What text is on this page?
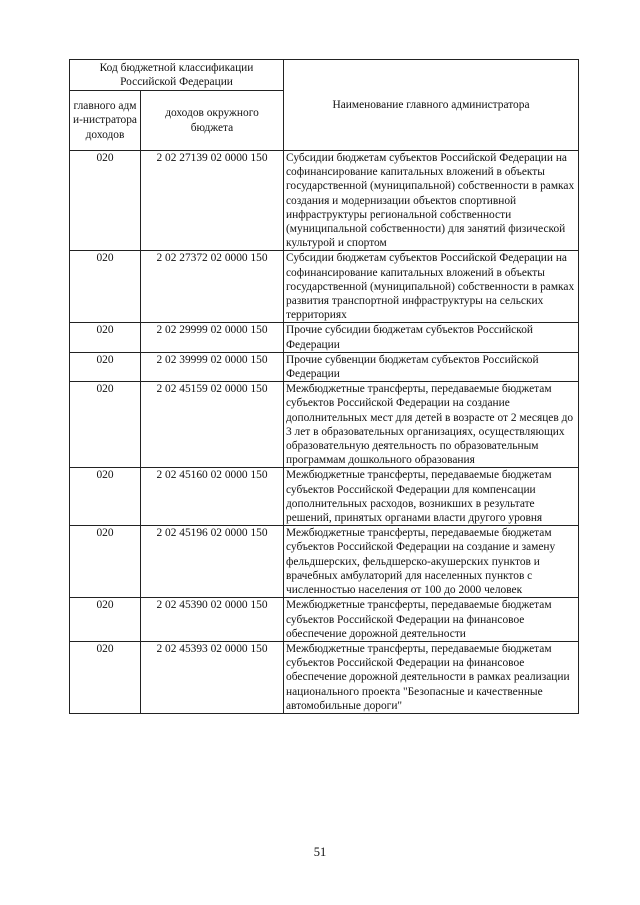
Код бюджетной классификации Российской Федерации		Наименование главного администратора
главного адми-нистратора доходов	доходов окружного бюджета	
020	2 02 27139 02 0000 150	Субсидии бюджетам субъектов Российской Федерации на софинансирование капитальных вложений в объекты государственной (муниципальной) собственности в рамках создания и модернизации объектов спортивной инфраструктуры региональной собственности (муниципальной собственности) для занятий физической культурой и спортом
020	2 02 27372 02 0000 150	Субсидии бюджетам субъектов Российской Федерации на софинансирование капитальных вложений в объекты государственной (муниципальной) собственности в рамках развития транспортной инфраструктуры на сельских территориях
020	2 02 29999 02 0000 150	Прочие субсидии бюджетам субъектов Российской Федерации
020	2 02 39999 02 0000 150	Прочие субвенции бюджетам субъектов Российской Федерации
020	2 02 45159 02 0000 150	Межбюджетные трансферты, передаваемые бюджетам субъектов Российской Федерации на создание дополнительных мест для детей в возрасте от 2 месяцев до 3 лет в образовательных организациях, осуществляющих образовательную деятельность по образовательным программам дошкольного образования
020	2 02 45160 02 0000 150	Межбюджетные трансферты, передаваемые бюджетам субъектов Российской Федерации для компенсации дополнительных расходов, возникших в результате решений, принятых органами власти другого уровня
020	2 02 45196 02 0000 150	Межбюджетные трансферты, передаваемые бюджетам субъектов Российской Федерации на создание и замену фельдшерских, фельдшерско-акушерских пунктов и врачебных амбулаторий для населенных пунктов с численностью населения от 100 до 2000 человек
020	2 02 45390 02 0000 150	Межбюджетные трансферты, передаваемые бюджетам субъектов Российской Федерации на финансовое обеспечение дорожной деятельности
020	2 02 45393 02 0000 150	Межбюджетные трансферты, передаваемые бюджетам субъектов Российской Федерации на финансовое обеспечение дорожной деятельности в рамках реализации национального проекта "Безопасные и качественные автомобильные дороги"
51
